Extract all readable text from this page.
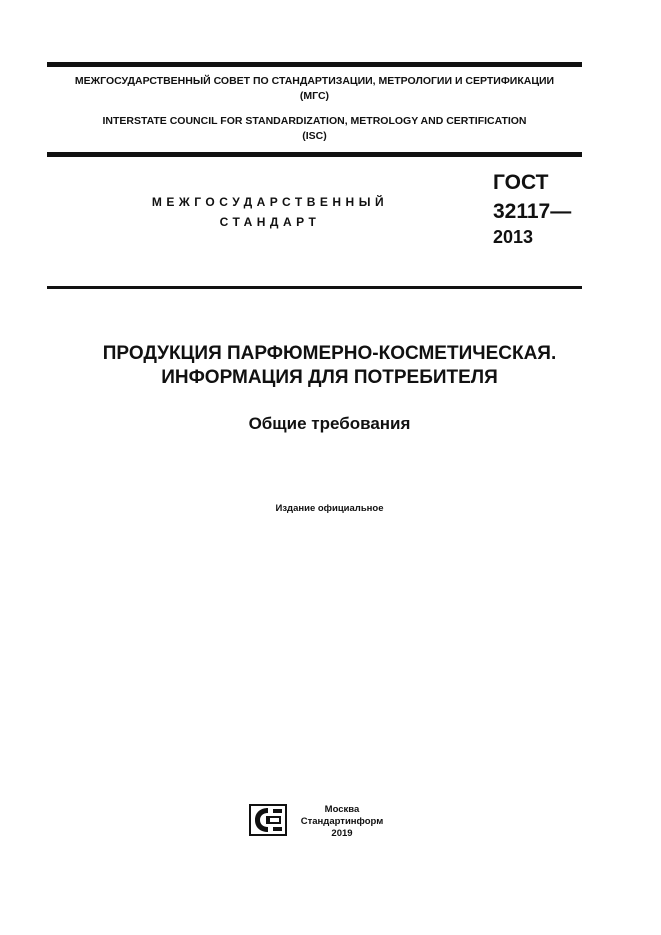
МЕЖГОСУДАРСТВЕННЫЙ СОВЕТ ПО СТАНДАРТИЗАЦИИ, МЕТРОЛОГИИ И СЕРТИФИКАЦИИ
(МГС)
INTERSTATE COUNCIL FOR STANDARDIZATION, METROLOGY AND CERTIFICATION
(ISC)
МЕЖГОСУДАРСТВЕННЫЙ
СТАНДАРТ
ГОСТ
32117—
2013
ПРОДУКЦИЯ ПАРФЮМЕРНО-КОСМЕТИЧЕСКАЯ.
ИНФОРМАЦИЯ ДЛЯ ПОТРЕБИТЕЛЯ
Общие требования
Издание официальное
Москва
Стандартинформ
2019
